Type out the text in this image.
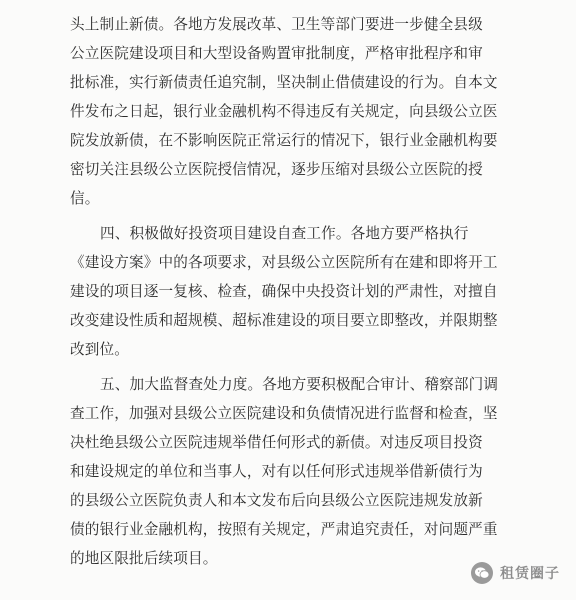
头上制止新债。各地方发展改革、卫生等部门要进一步健全县级
公立医院建设项目和大型设备购置审批制度，严格审批程序和审
批标准，实行新债责任追究制，坚决制止借债建设的行为。自本文
件发布之日起，银行业金融机构不得违反有关规定，向县级公立医
院发放新债，在不影响医院正常运行的情况下，银行业金融机构要
密切关注县级公立医院授信情况，逐步压缩对县级公立医院的授
信。

四、积极做好投资项目建设自查工作。各地方要严格执行
《建设方案》中的各项要求，对县级公立医院所有在建和即将开工
建设的项目逐一复核、检查，确保中央投资计划的严肃性，对擅自
改变建设性质和超规模、超标准建设的项目要立即整改，并限期整
改到位。

五、加大监督查处力度。各地方要积极配合审计、稽察部门调
查工作，加强对县级公立医院建设和负债情况进行监督和检查，坚
决杜绝县级公立医院违规举借任何形式的新债。对违反项目投资
和建设规定的单位和当事人，对有以任何形式违规举借新债行为
的县级公立医院负责人和本文发布后向县级公立医院违规发放新
债的银行业金融机构，按照有关规定，严肃追究责任，对问题严重
的地区限批后续项目。

租赁圈子
